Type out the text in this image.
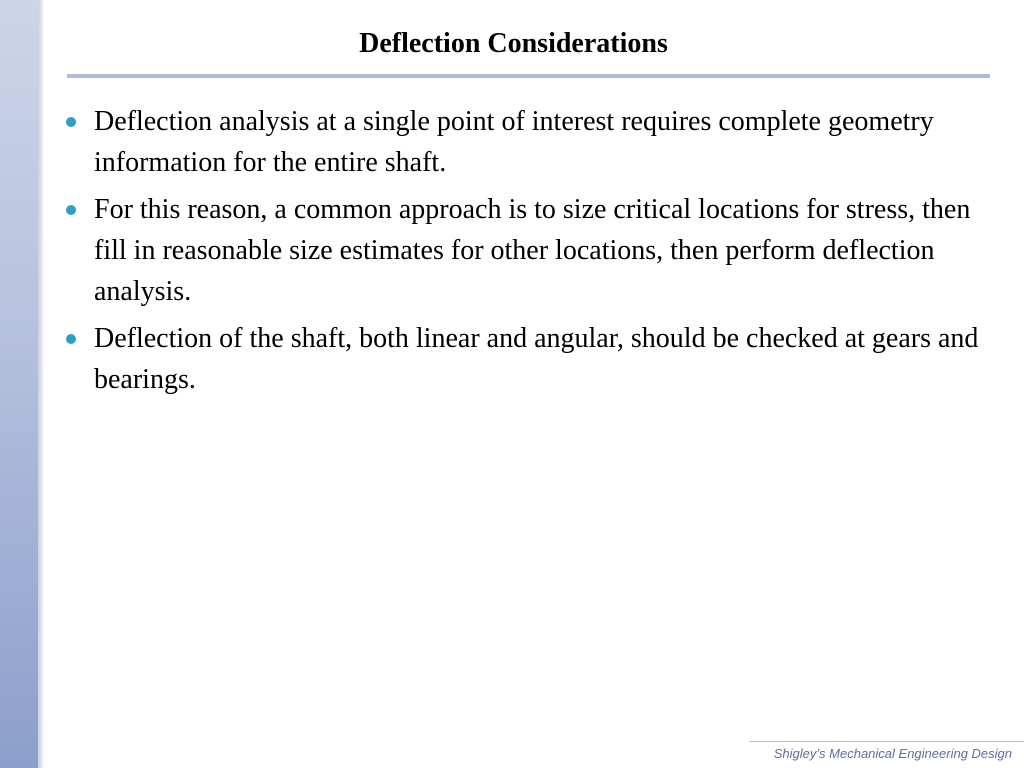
Deflection Considerations
Deflection analysis at a single point of interest requires complete geometry information for the entire shaft.
For this reason, a common approach is to size critical locations for stress, then fill in reasonable size estimates for other locations, then perform deflection analysis.
Deflection of the shaft, both linear and angular, should be checked at gears and bearings.
Shigley’s Mechanical Engineering Design
